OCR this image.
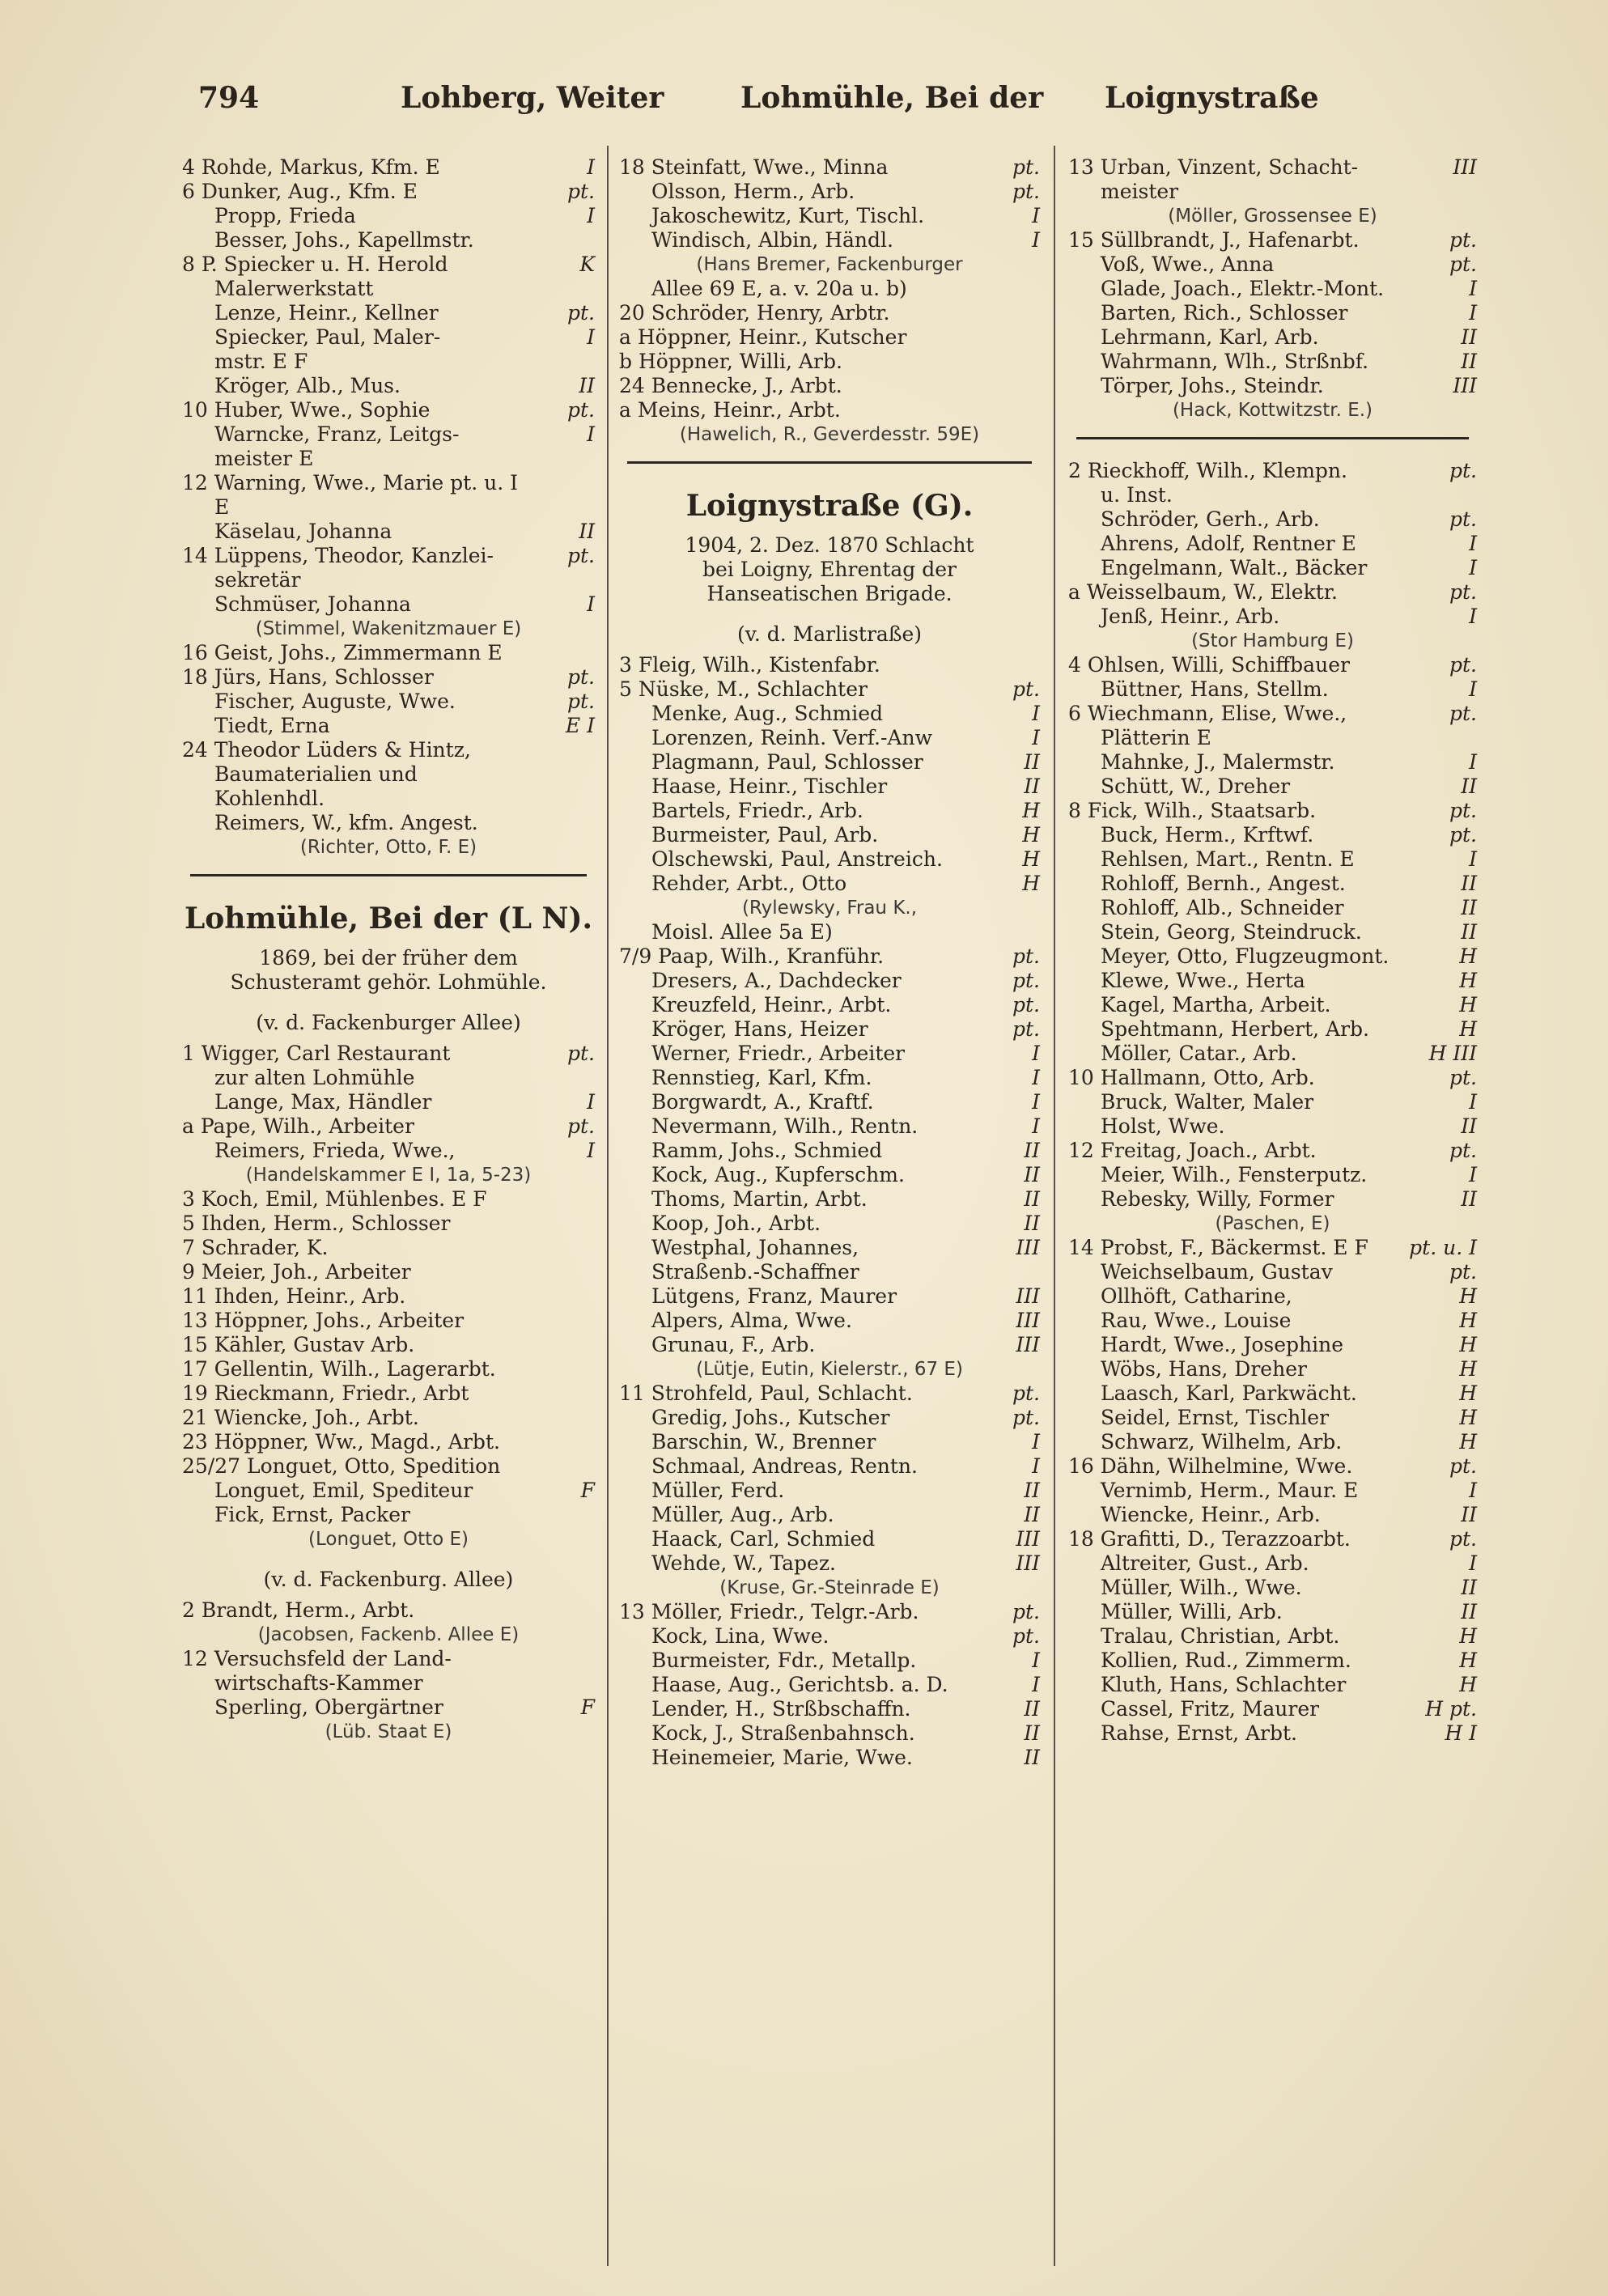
794	Lohberg, Weiter	Lohmühle, Bei der Loignystraße
4 Rohde, Markus, Kfm. E	I
6 Dunker, Aug., Kfm. E	pt.
Propp, Frieda	I
Besser, Johs., Kapellmstr.
8 P. Spiecker u. H. Herold	K
Malerwerkstatt
Lenze, Heinr., Kellner	pt.
Spiecker, Paul, Maler-	I
mstr. E F
Kröger, Alb., Mus.	II
10 Huber, Wwe., Sophie	pt.
Warncke, Franz, Leitgs-	I
meister E
12 Warning, Wwe., Marie pt. u. I
E
Käselau, Johanna	II
14 Lüppens, Theodor, Kanzlei-	pt.
sekretär
Schmüser, Johanna	I
(Stimmel, Wakenitzmauer E)
16 Geist, Johs., Zimmermann E
18 Jürs, Hans, Schlosser	pt.
Fischer, Auguste, Wwe.	pt.
Tiedt, Erna	E I
24 Theodor Lüders & Hintz,
Baumaterialien und
Kohlenhdl.
Reimers, W., kfm. Angest.
(Richter, Otto, F. E)
Lohmühle, Bei der (L N).
1869, bei der früher dem
Schusteramt gehör. Lohmühle.
(v. d. Fackenburger Allee)
1 Wigger, Carl Restaurant	pt.
zur alten Lohmühle
Lange, Max, Händler	I
a Pape, Wilh., Arbeiter	pt.
Reimers, Frieda, Wwe.,	I
(Handelskammer E I, 1a, 5-23)
3 Koch, Emil, Mühlenbes. E F
5 Ihden, Herm., Schlosser
7 Schrader, K.
9 Meier, Joh., Arbeiter
11 Ihden, Heinr., Arb.
13 Höppner, Johs., Arbeiter
15 Kähler, Gustav Arb.
17 Gellentin, Wilh., Lagerarbt.
19 Rieckmann, Friedr., Arbt
21 Wiencke, Joh., Arbt.
23 Höppner, Ww., Magd., Arbt.
25/27 Longuet, Otto, Spedition
Longuet, Emil, Spediteur	F
Fick, Ernst, Packer
(Longuet, Otto E)
(v. d. Fackenburg. Allee)
2 Brandt, Herm., Arbt.
(Jacobsen, Fackenb. Allee E)
12 Versuchsfeld der Land-
wirtschafts-Kammer
Sperling, Obergärtner	F
(Lüb. Staat E)
18 Steinfatt, Wwe., Minna	pt.
Olsson, Herm., Arb.	pt.
Jakoschewitz, Kurt, Tischl.	I
Windisch, Albin, Händl.	I
(Hans Bremer, Fackenburger
Allee 69 E, a. v. 20a u. b)
20 Schröder, Henry, Arbtr.
a Höppner, Heinr., Kutscher
b Höppner, Willi, Arb.
24 Bennecke, J., Arbt.
a Meins, Heinr., Arbt.
(Hawelich, R., Geverdesstr. 59E)
Loignystraße (G).
1904, 2. Dez. 1870 Schlacht
bei Loigny, Ehrentag der
Hanseatischen Brigade.
(v. d. Marlistraße)
3 Fleig, Wilh., Kistenfabr.
5 Nüske, M., Schlachter	pt.
Menke, Aug., Schmied	I
Lorenzen, Reinh. Verf.-Anw	I
Plagmann, Paul, Schlosser	II
Haase, Heinr., Tischler	II
Bartels, Friedr., Arb.	H
Burmeister, Paul, Arb.	H
Olschewski, Paul, Anstreich.	H
Rehder, Arbt., Otto	H
(Rylewsky, Frau K.,
Moisl. Allee 5a E)
7/9 Paap, Wilh., Kranführ.	pt.
Dresers, A., Dachdecker	pt.
Kreuzfeld, Heinr., Arbt.	pt.
Kröger, Hans, Heizer	pt.
Werner, Friedr., Arbeiter	I
Rennstieg, Karl, Kfm.	I
Borgwardt, A., Kraftf.	I
Nevermann, Wilh., Rentn.	I
Ramm, Johs., Schmied	II
Kock, Aug., Kupferschm.	II
Thoms, Martin, Arbt.	II
Koop, Joh., Arbt.	II
Westphal, Johannes,	III
Straßenb.-Schaffner
Lütgens, Franz, Maurer	III
Alpers, Alma, Wwe.	III
Grunau, F., Arb.	III
(Lütje, Eutin, Kielerstr., 67 E)
11 Strohfeld, Paul, Schlacht.	pt.
Gredig, Johs., Kutscher	pt.
Barschin, W., Brenner	I
Schmaal, Andreas, Rentn.	I
Müller, Ferd.	II
Müller, Aug., Arb.	II
Haack, Carl, Schmied	III
Wehde, W., Tapez.	III
(Kruse, Gr.-Steinrade E)
13 Möller, Friedr., Telgr.-Arb.	pt.
Kock, Lina, Wwe.	pt.
Burmeister, Fdr., Metallp.	I
Haase, Aug., Gerichtsb. a. D.	I
Lender, H., Strßbschaffn.	II
Kock, J., Straßenbahnsch.	II
Heinemeier, Marie, Wwe.	II
13 Urban, Vinzent, Schacht-	III
meister
(Möller, Grossensee E)
15 Süllbrandt, J., Hafenarbt.	pt.
Voß, Wwe., Anna	pt.
Glade, Joach., Elektr.-Mont.	I
Barten, Rich., Schlosser	I
Lehrmann, Karl, Arb.	II
Wahrmann, Wlh., Strßnbf.	II
Törper, Johs., Steindr.	III
(Hack, Kottwitzstr. E.)
2 Rieckhoff, Wilh., Klempn.	pt.
u. Inst.
Schröder, Gerh., Arb.	pt.
Ahrens, Adolf, Rentner E	I
Engelmann, Walt., Bäcker	I
a Weisselbaum, W., Elektr.	pt.
Jenß, Heinr., Arb.	I
(Stor Hamburg E)
4 Ohlsen, Willi, Schiffbauer	pt.
Büttner, Hans, Stellm.	I
6 Wiechmann, Elise, Wwe.,	pt.
Plätterin E
Mahnke, J., Malermstr.	I
Schütt, W., Dreher	II
8 Fick, Wilh., Staatsarb.	pt.
Buck, Herm., Krftwf.	pt.
Rehlsen, Mart., Rentn. E	I
Rohloff, Bernh., Angest.	II
Rohloff, Alb., Schneider	II
Stein, Georg, Steindruck.	II
Meyer, Otto, Flugzeugmont.	H
Klewe, Wwe., Herta	H
Kagel, Martha, Arbeit.	H
Spehtmann, Herbert, Arb.	H
Möller, Catar., Arb.	H III
10 Hallmann, Otto, Arb.	pt.
Bruck, Walter, Maler	I
Holst, Wwe.	II
12 Freitag, Joach., Arbt.	pt.
Meier, Wilh., Fensterputz.	I
Rebesky, Willy, Former	II
(Paschen, E)
14 Probst, F., Bäckermst. E F	pt. u. I
Weichselbaum, Gustav	pt.
Ollhöft, Catharine,	H
Rau, Wwe., Louise	H
Hardt, Wwe., Josephine	H
Wöbs, Hans, Dreher	H
Laasch, Karl, Parkwächt.	H
Seidel, Ernst, Tischler	H
Schwarz, Wilhelm, Arb.	H
16 Dähn, Wilhelmine, Wwe.	pt.
Vernimb, Herm., Maur. E	I
Wiencke, Heinr., Arb.	II
18 Grafitti, D., Terazzoarbt.	pt.
Altreiter, Gust., Arb.	I
Müller, Wilh., Wwe.	II
Müller, Willi, Arb.	II
Tralau, Christian, Arbt.	H
Kollien, Rud., Zimmerm.	H
Kluth, Hans, Schlachter	H
Cassel, Fritz, Maurer	H pt.
Rahse, Ernst, Arbt.	H I
